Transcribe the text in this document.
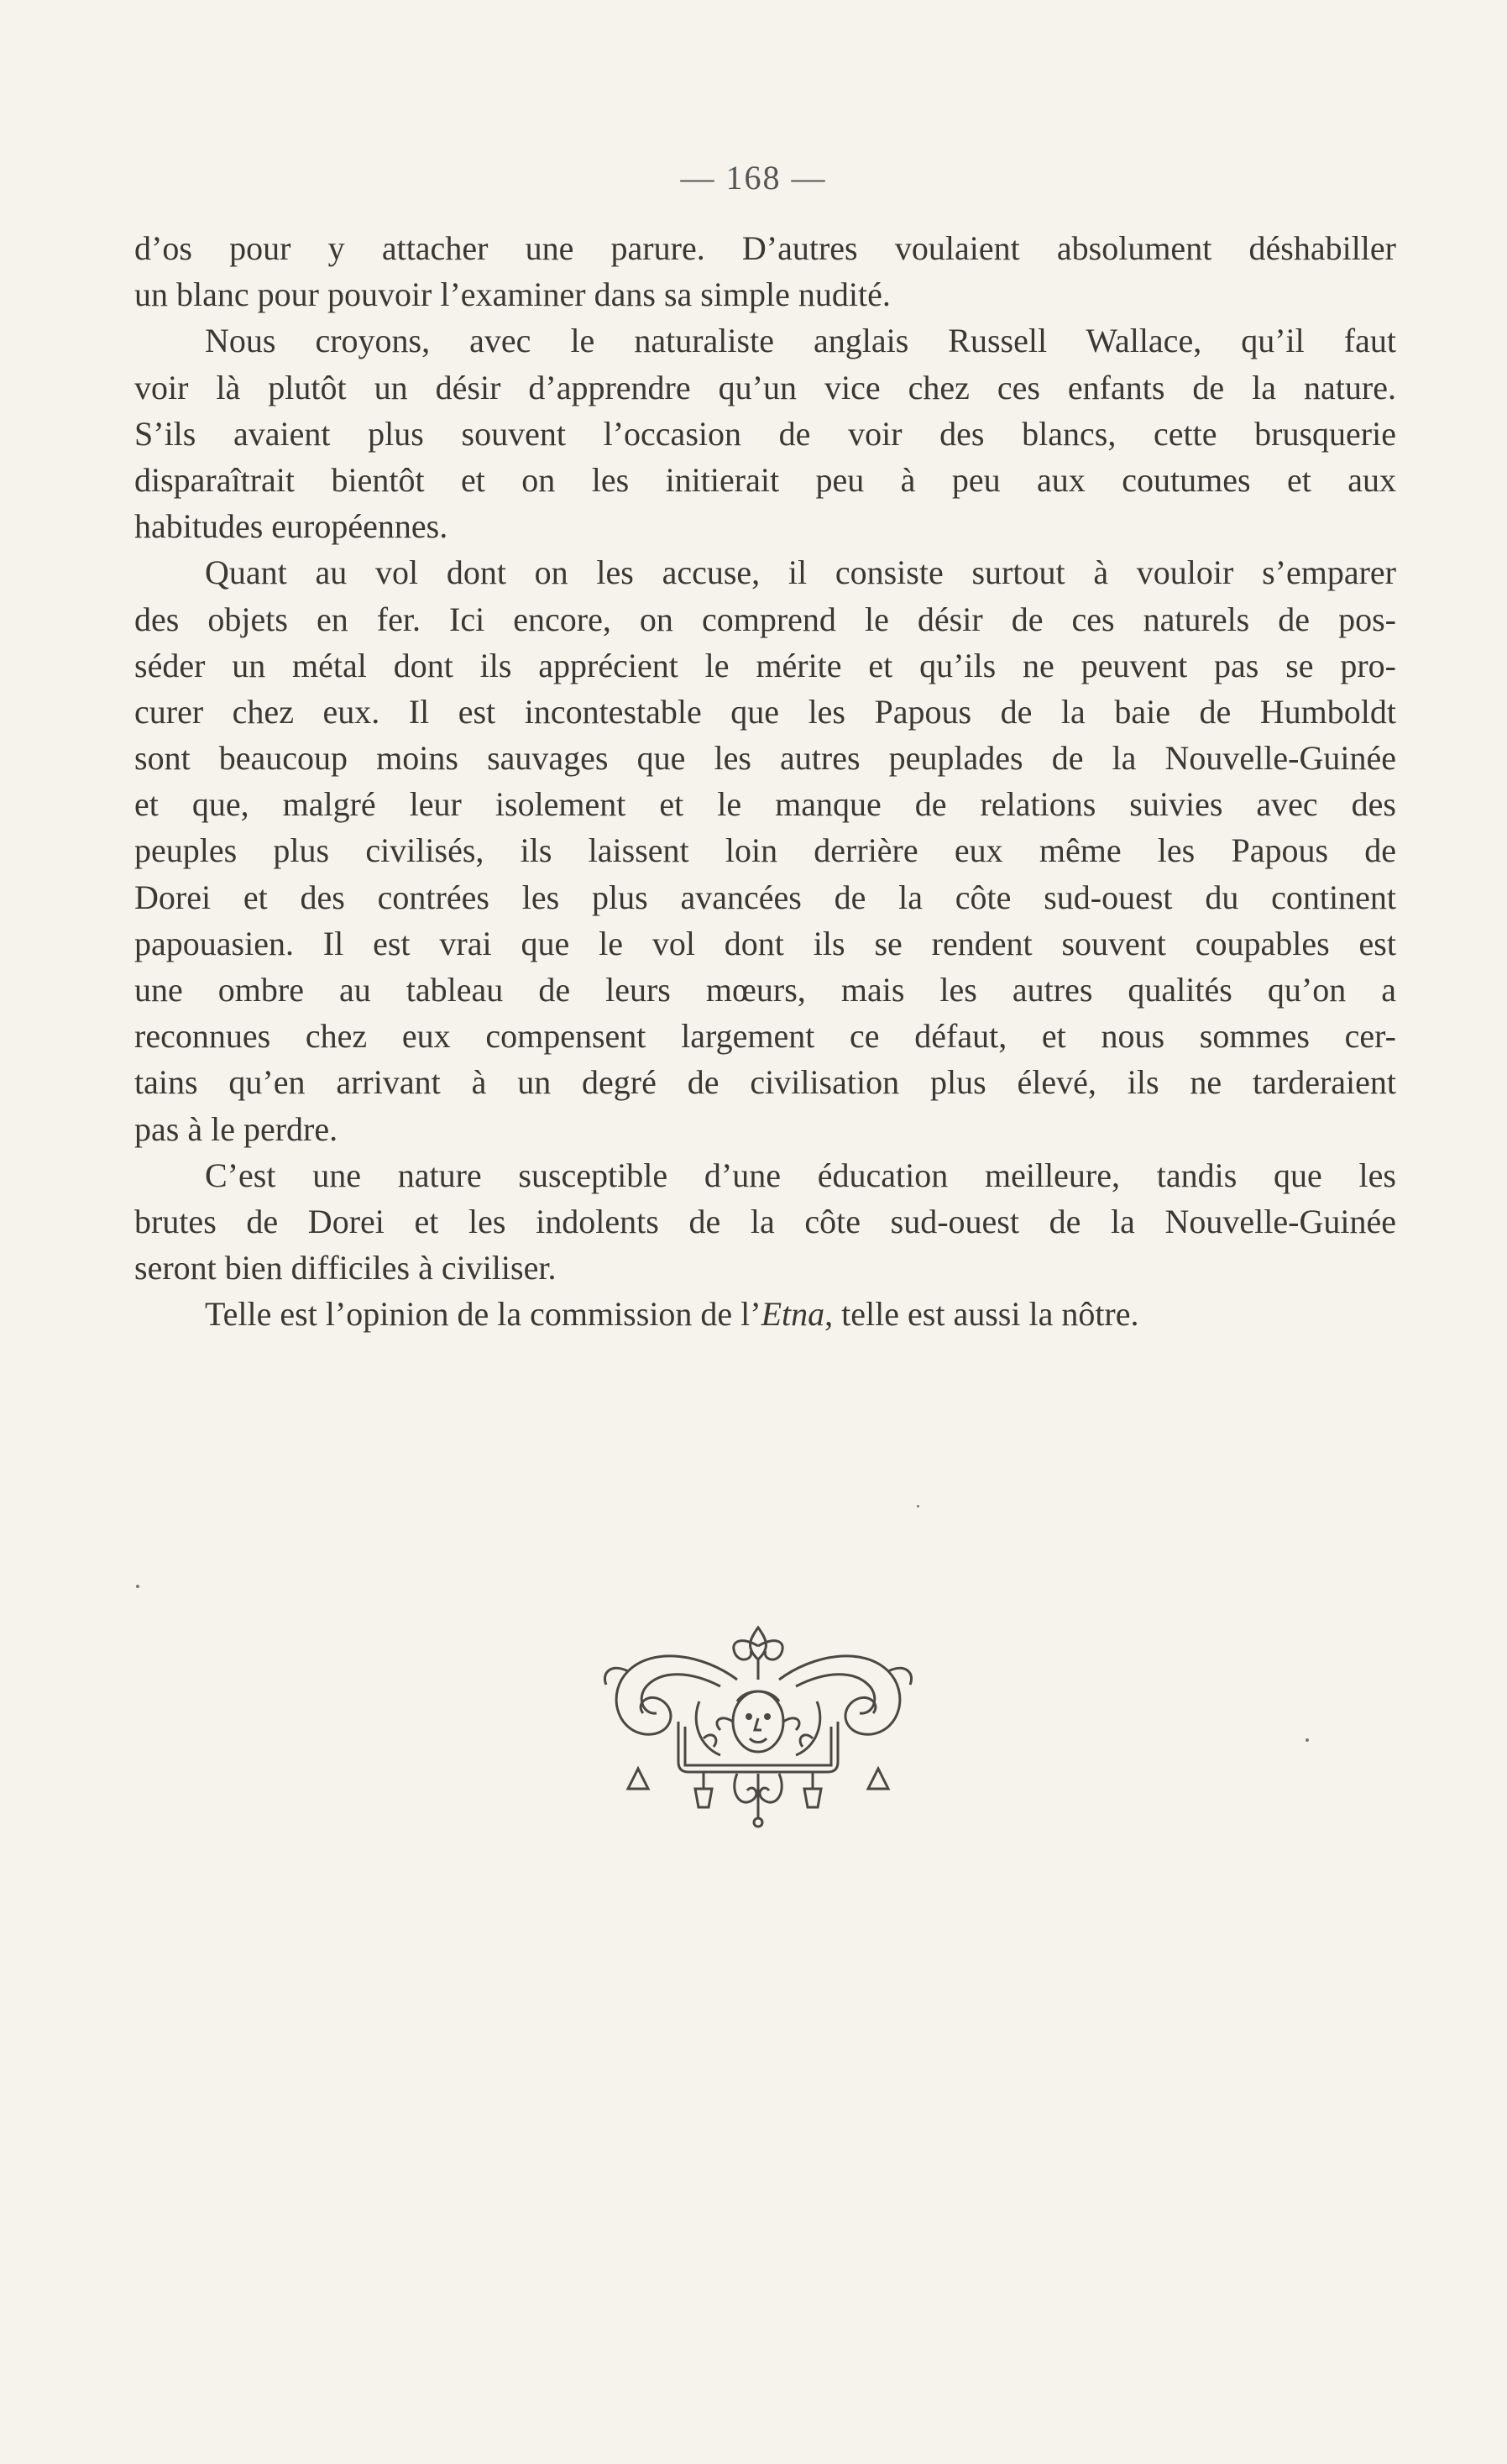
— 168 —
d’os pour y attacher une parure. D’autres voulaient absolument déshabiller
un blanc pour pouvoir l’examiner dans sa simple nudité.
Nous croyons, avec le naturaliste anglais Russell Wallace, qu’il faut
voir là plutôt un désir d’apprendre qu’un vice chez ces enfants de la nature.
S’ils avaient plus souvent l’occasion de voir des blancs, cette brusquerie
disparaîtrait bientôt et on les initierait peu à peu aux coutumes et aux
habitudes européennes.
Quant au vol dont on les accuse, il consiste surtout à vouloir s’emparer
des objets en fer. Ici encore, on comprend le désir de ces naturels de pos-
séder un métal dont ils apprécient le mérite et qu’ils ne peuvent pas se pro-
curer chez eux. Il est incontestable que les Papous de la baie de Humboldt
sont beaucoup moins sauvages que les autres peuplades de la Nouvelle-Guinée
et que, malgré leur isolement et le manque de relations suivies avec des
peuples plus civilisés, ils laissent loin derrière eux même les Papous de
Dorei et des contrées les plus avancées de la côte sud-ouest du continent
papouasien. Il est vrai que le vol dont ils se rendent souvent coupables est
une ombre au tableau de leurs mœurs, mais les autres qualités qu’on a
reconnues chez eux compensent largement ce défaut, et nous sommes cer-
tains qu’en arrivant à un degré de civilisation plus élevé, ils ne tarderaient
pas à le perdre.
C’est une nature susceptible d’une éducation meilleure, tandis que les
brutes de Dorei et les indolents de la côte sud-ouest de la Nouvelle-Guinée
seront bien difficiles à civiliser.
Telle est l’opinion de la commission de l’Etna, telle est aussi la nôtre.
